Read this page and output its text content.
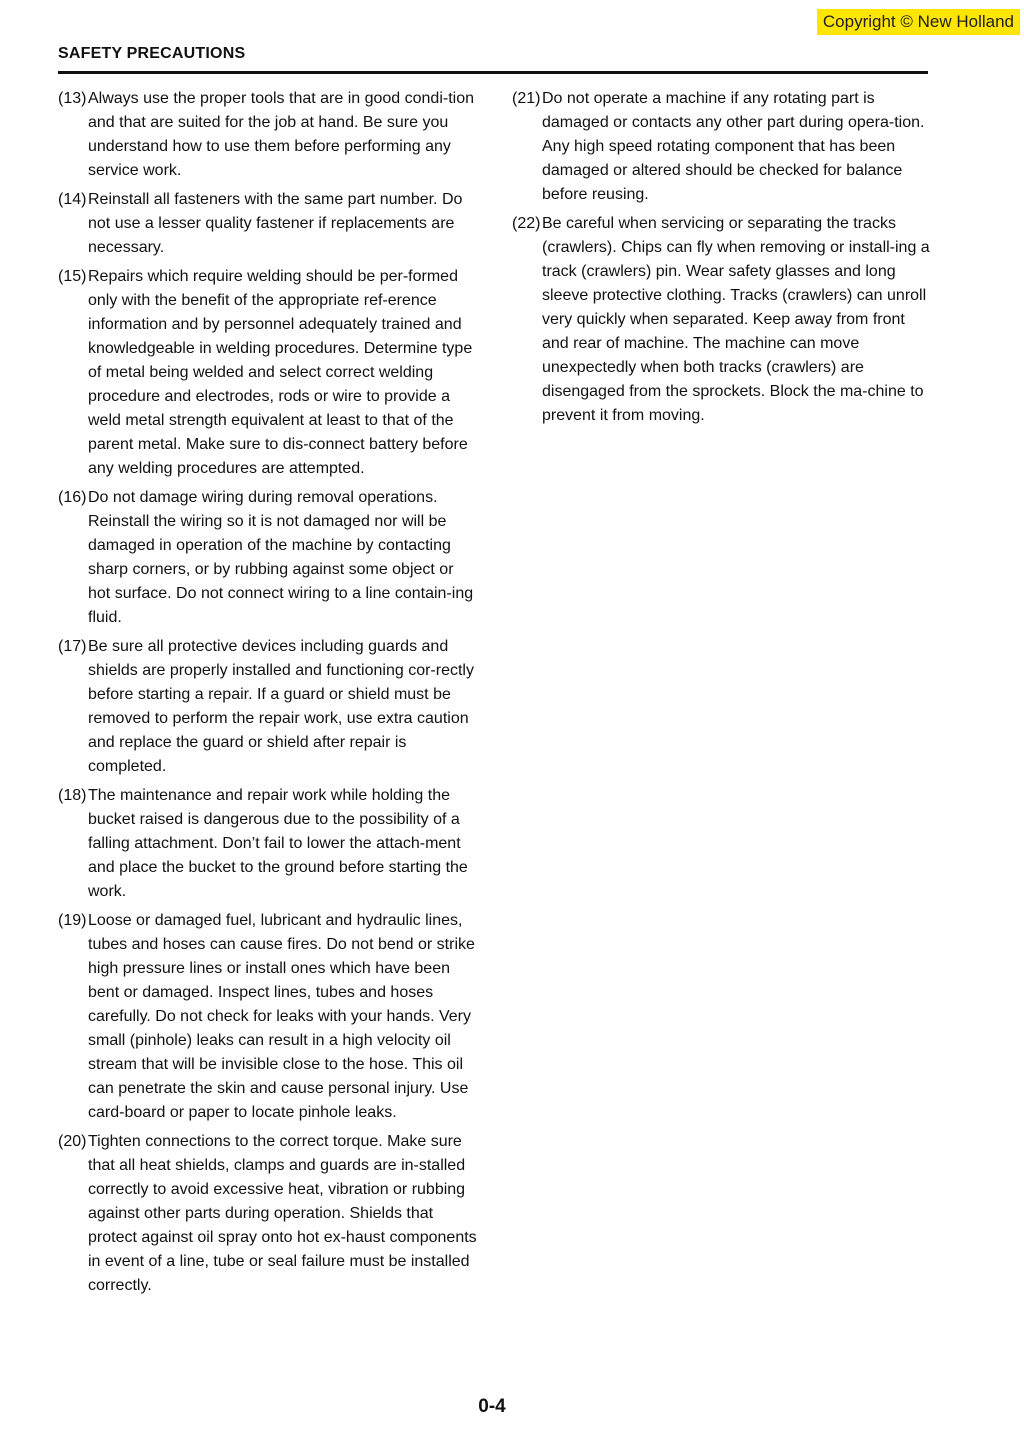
Copyright © New Holland
SAFETY PRECAUTIONS
(13) Always use the proper tools that are in good condi-tion and that are suited for the job at hand. Be sure you understand how to use them before performing any service work.
(14) Reinstall all fasteners with the same part number. Do not use a lesser quality fastener if replacements are necessary.
(15) Repairs which require welding should be per-formed only with the benefit of the appropriate ref-erence information and by personnel adequately trained and knowledgeable in welding procedures. Determine type of metal being welded and select correct welding procedure and electrodes, rods or wire to provide a weld metal strength equivalent at least to that of the parent metal. Make sure to dis-connect battery before any welding procedures are attempted.
(16) Do not damage wiring during removal operations. Reinstall the wiring so it is not damaged nor will be damaged in operation of the machine by contacting sharp corners, or by rubbing against some object or hot surface. Do not connect wiring to a line contain-ing fluid.
(17) Be sure all protective devices including guards and shields are properly installed and functioning cor-rectly before starting a repair. If a guard or shield must be removed to perform the repair work, use extra caution and replace the guard or shield after repair is completed.
(18) The maintenance and repair work while holding the bucket raised is dangerous due to the possibility of a falling attachment. Don’t fail to lower the attach-ment and place the bucket to the ground before starting the work.
(19) Loose or damaged fuel, lubricant and hydraulic lines, tubes and hoses can cause fires. Do not bend or strike high pressure lines or install ones which have been bent or damaged. Inspect lines, tubes and hoses carefully. Do not check for leaks with your hands. Very small (pinhole) leaks can result in a high velocity oil stream that will be invisible close to the hose. This oil can penetrate the skin and cause personal injury. Use card-board or paper to locate pinhole leaks.
(20) Tighten connections to the correct torque. Make sure that all heat shields, clamps and guards are in-stalled correctly to avoid excessive heat, vibration or rubbing against other parts during operation. Shields that protect against oil spray onto hot ex-haust components in event of a line, tube or seal failure must be installed correctly.
(21) Do not operate a machine if any rotating part is damaged or contacts any other part during opera-tion. Any high speed rotating component that has been damaged or altered should be checked for balance before reusing.
(22) Be careful when servicing or separating the tracks (crawlers). Chips can fly when removing or install-ing a track (crawlers) pin. Wear safety glasses and long sleeve protective clothing. Tracks (crawlers) can unroll very quickly when separated. Keep away from front and rear of machine. The machine can move unexpectedly when both tracks (crawlers) are disengaged from the sprockets. Block the ma-chine to prevent it from moving.
0-4
